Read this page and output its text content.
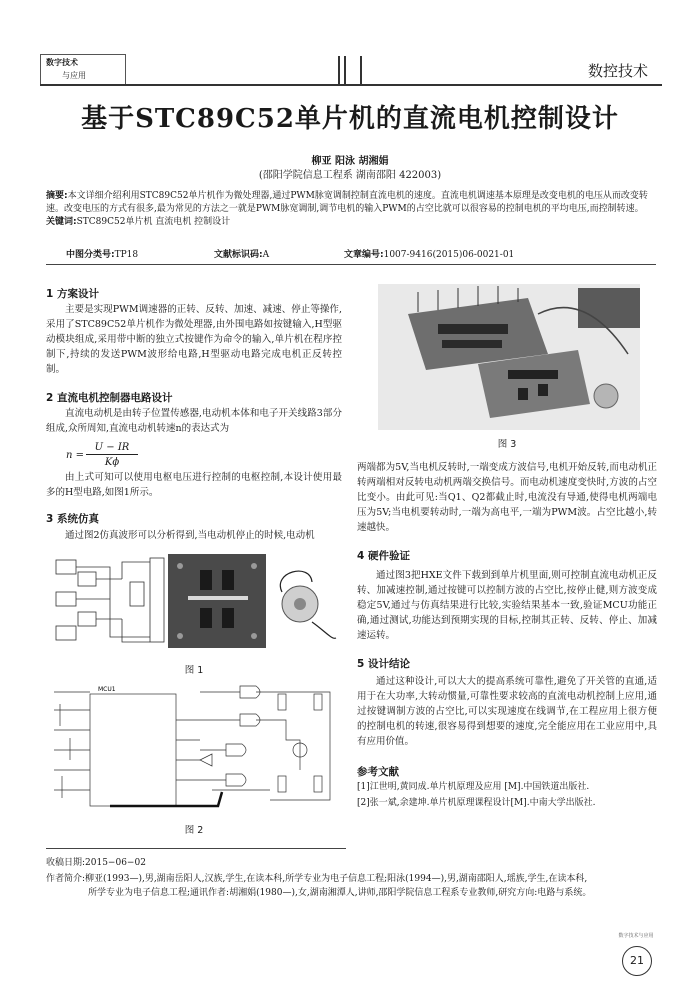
数字技术
与应用	数控技术
基于STC89C52单片机的直流电机控制设计
柳亚 阳泳 胡湘娟
(邵阳学院信息工程系 湖南邵阳 422003)
摘要:本文详细介绍利用STC89C52单片机作为微处理器,通过PWM脉宽调制控制直流电机的速度。直流电机调速基本原理是改变电机的电压从而改变转速。改变电压的方式有很多,最为常见的方法之一就是PWM脉宽调制,调节电机的输入PWM的占空比就可以很容易的控制电机的平均电压,而控制转速。
关键词:STC89C52单片机 直流电机 控制设计
中图分类号:TP18	文献标识码:A	文章编号:1007-9416(2015)06-0021-01
1 方案设计
主要是实现PWM调速器的正转、反转、加速、减速、停止等操作,采用了STC89C52单片机作为微处理器,由外围电路如按键输入,H型驱动模块组成,采用带中断的独立式按键作为命令的输入,单片机在程序控制下,持续的发送PWM波形给电路,H型驱动电路完成电机正反转控制。
2 直流电机控制器电路设计
直流电动机是由转子位置传感器,电动机本体和电子开关线路3部分组成,众所周知,直流电动机转速n的表达式为
n =
U − IR
Kϕ
由上式可知可以使用电枢电压进行控制的电枢控制,本设计使用最多的H型电路,如图1所示。
3 系统仿真
通过图2仿真波形可以分析得到,当电动机停止的时候,电动机
图 1
MCU1
图 2
图 3
两端都为5V,当电机反转时,一端变成方波信号,电机开始反转,而电动机正转两端相对反转电动机两端交换信号。而电动机速度变快时,方波的占空比变小。由此可见:当Q1、Q2都截止时,电流没有导通,使得电机两端电压为5V;当电机要转动时,一端为高电平,一端为PWM波。占空比越小,转速越快。
4 硬件验证
通过图3把HXE文件下载到到单片机里面,则可控制直流电动机正反转、加减速控制,通过按键可以控制方波的占空比,按停止健,则方波变成稳定5V,通过与仿真结果进行比较,实验结果基本一致,验证MCU功能正确,通过测试,功能达到预期实现的目标,控制其正转、反转、停止、加减速运转。
5 设计结论
通过这种设计,可以大大的提高系统可靠性,避免了开关管的直通,适用于在大功率,大转动惯量,可靠性要求较高的直流电动机控制上应用,通过按键调制方波的占空比,可以实现速度在线调节,在工程应用上很方便的控制电机的转速,很容易得到想要的速度,完全能应用在工业应用中,具有应用价值。
参考文献
[1]江世明,黄同成.单片机原理及应用 [M].中国铁道出版社.
[2]张一斌,余建坤.单片机原理课程设计[M].中南大学出版社.
收稿日期:2015−06−02
作者简介:柳亚(1993—),男,湖南岳阳人,汉族,学生,在读本科,所学专业为电子信息工程;阳泳(1994—),男,湖南邵阳人,瑶族,学生,在读本科,
所学专业为电子信息工程;通讯作者:胡湘娟(1980—),女,湖南湘潭人,讲师,邵阳学院信息工程系专业教师,研究方向:电路与系统。
数字技术与应用
21
